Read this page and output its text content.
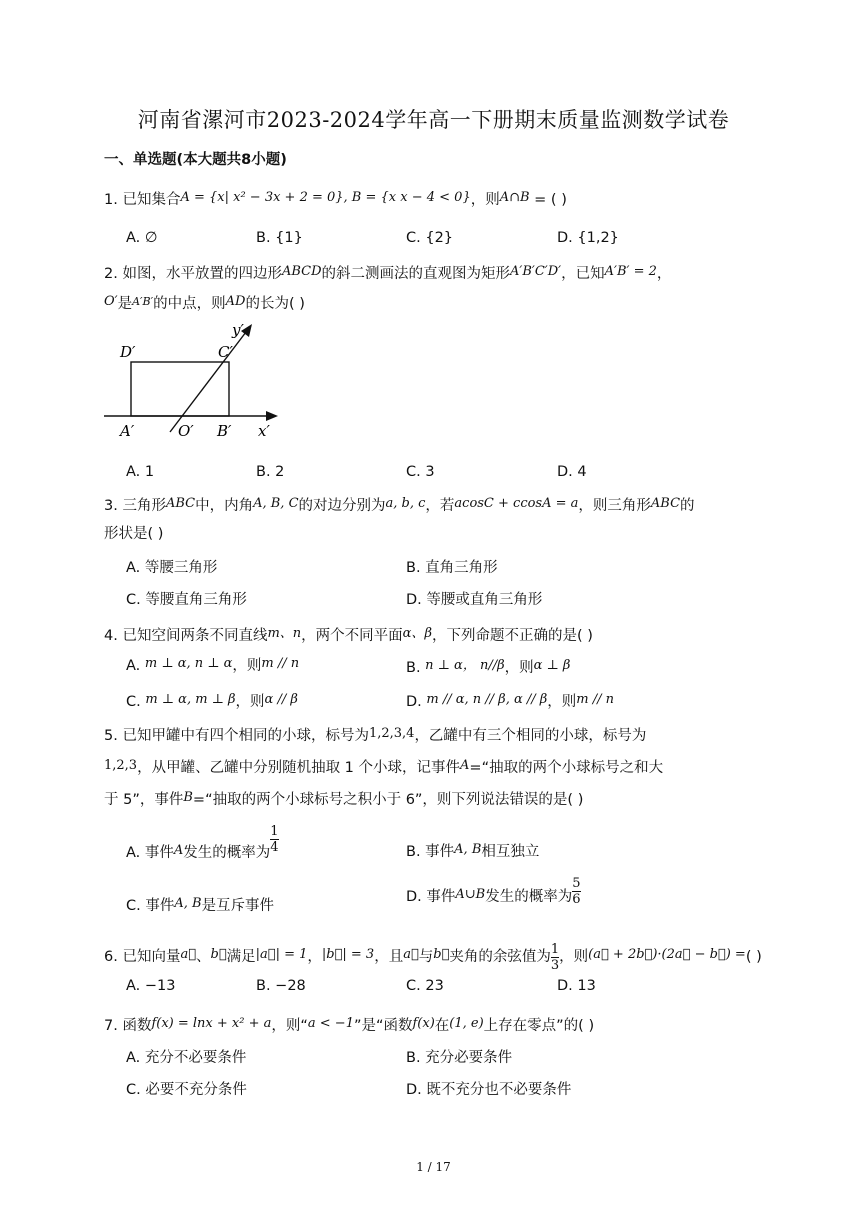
河南省漯河市2023-2024学年高一下册期末质量监测数学试卷
一、单选题(本大题共8小题)
1. 已知集合A = {x| x² − 3x + 2 = 0}, B = {x x − 4 < 0}，则A∩B = ( )
A. ∅	B. {1}	C. {2}	D. {1,2}
2. 如图，水平放置的四边形ABCD的斜二测画法的直观图为矩形A′B′C′D′，已知A′B′ = 2，
O′是$^{A'B'}$的中点，则AD的长为( )
D′	C′
A′	O′ B′ x′
y′
A. 1	B. 2	C. 3	D. 4
3. 三角形ABC中，内角A, B, C的对边分别为a, b, c，若acosC + ccosA = a，则三角形ABC的
形状是( )
A. 等腰三角形	B. 直角三角形
C. 等腰直角三角形	D. 等腰或直角三角形
4. 已知空间两条不同直线m、n，两个不同平面α、β，下列命题不正确的是( )
A. m ⊥ α, n ⊥ α，则m // n	B. n ⊥ α， n//β，则α ⊥ β
C. m ⊥ α, m ⊥ β，则α // β	D. m // α, n // β, α // β，则m // n
5. 已知甲罐中有四个相同的小球，标号为1,2,3,4，乙罐中有三个相同的小球，标号为
1,2,3，从甲罐、乙罐中分别随机抽取 1 个小球，记事件A=“抽取的两个小球标号之和大
于 5”，事件B=“抽取的两个小球标号之积小于 6”，则下列说法错误的是( )
A. 事件A发生的概率为 $\frac{1}{4}$	B. 事件A, B相互独立
C. 事件A, B是互斥事件
D. 事件A∪B发生的概率为 $\frac{5}{6}$
6. 已知向量a⃗、b⃗满足|a⃗| = 1，|b⃗| = 3，且a⃗与b⃗夹角的余弦值为 $\frac{1}{3}$ ，则(a⃗ + 2b⃗)·(2a⃗ − b⃗) =( )
A. −13	B. −28	C. 23	D. 13
7. 函数f(x) = lnx + x² + a，则“a < −1”是“函数f(x)在(1, e)上存在零点”的( )
A. 充分不必要条件	B. 充分必要条件
C. 必要不充分条件	D. 既不充分也不必要条件
1 / 17
